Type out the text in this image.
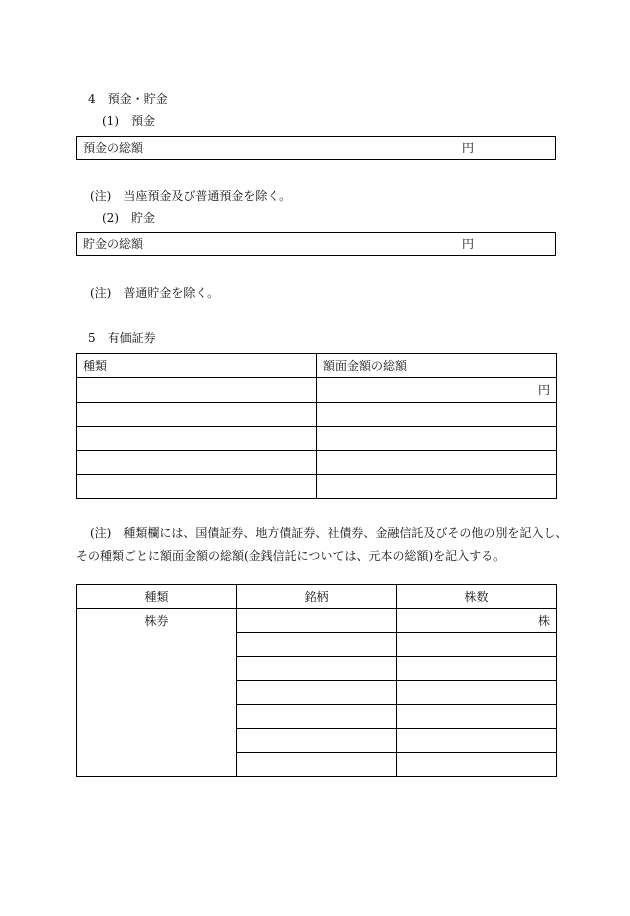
4　預金・貯金
(1)　預金
預金の総額	円
(注)　当座預金及び普通預金を除く。
(2)　貯金
貯金の総額	円
(注)　普通貯金を除く。
5　有価証券
種類	額面金額の総額
	円

(注)　種類欄には、国債証券、地方債証券、社債券、金融信託及びその他の別を記入し、
その種類ごとに額面金額の総額(金銭信託については、元本の総額)を記入する。
種類	銘柄	株数
株券		株
